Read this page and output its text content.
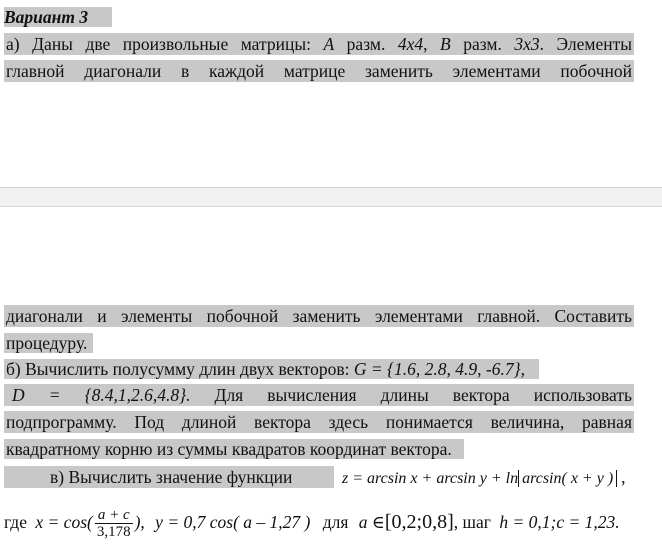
Вариант 3
а) Даны две произвольные матрицы: А разм. 4x4, В разм. 3x3. Элементы
главной диагонали в каждой матрице заменить элементами побочной
диагонали и элементы побочной заменить элементами главной. Составить
процедуру.
б) Вычислить полусумму длин двух векторов: G = {1.6, 2.8, 4.9, -6.7},
D = {8.4,1,2.6,4.8}. Для вычисления длины вектора использовать
подпрограмму. Под длиной вектора здесь понимается величина, равная
квадратному корню из суммы квадратов координат вектора.
в) Вычислить значение функции	z = arcsin x + arcsin y + ln arcsin( x + y ) ,
где $x = \cos( \frac{a + c}{3,178}$ ), y = 0,7 cos( a – 1,27 ) для a ∈[0,2;0,8], шаг h = 0,1;c = 1,23.
